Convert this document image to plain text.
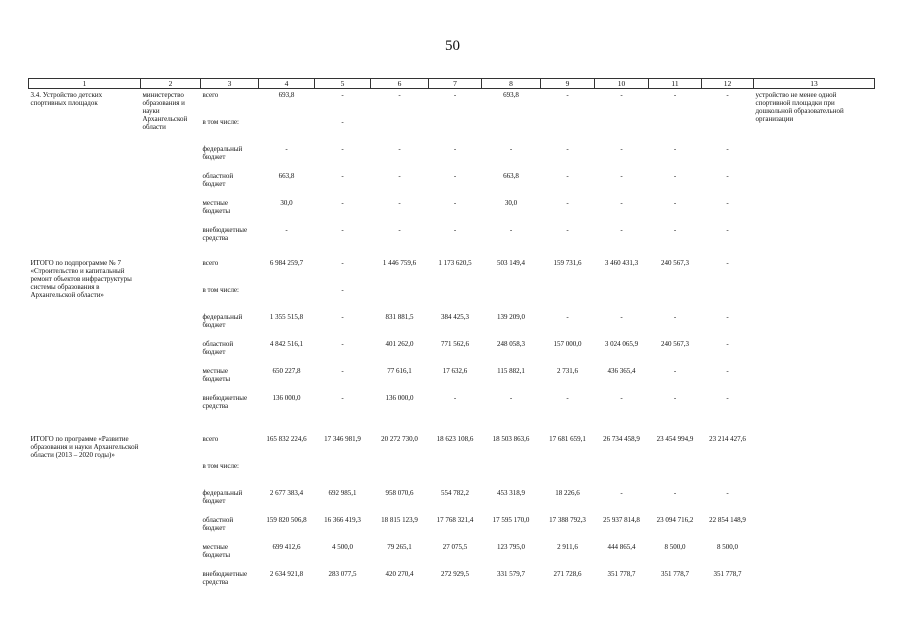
50
1	2	3	4	5	6	7	8	9	10	11	12	13
3.4. Устройство детских спортивных площадок	министерство образования и науки Архангельской области	всего	693,8	-	-	-	693,8	-	-	-	-	устройство не менее одной спортивной площадки при дошкольной образовательной организации
		в том числе:		-								
		федеральный бюджет	-	-	-	-	-	-	-	-	-	
		областной бюджет	663,8	-	-	-	663,8	-	-	-	-	
		местные бюджеты	30,0	-	-	-	30,0	-	-	-	-	
		внебюджетные средства	-	-	-	-	-	-	-	-	-	

ИТОГО по подпрограмме № 7 «Строительство и капитальный ремонт объектов инфраструктуры системы образования в Архангельской области»		всего	6 984 259,7	-	1 446 759,6	1 173 620,5	503 149,4	159 731,6	3 460 431,3	240 567,3	-	
		в том числе:		-								
		федеральный бюджет	1 355 515,8	-	831 881,5	384 425,3	139 209,0	-	-	-	-	
		областной бюджет	4 842 516,1	-	401 262,0	771 562,6	248 058,3	157 000,0	3 024 065,9	240 567,3	-	
		местные бюджеты	650 227,8	-	77 616,1	17 632,6	115 882,1	2 731,6	436 365,4	-	-	
		внебюджетные средства	136 000,0	-	136 000,0	-	-	-	-	-	-	

ИТОГО по программе «Развитие образования и науки Архангельской области (2013 – 2020 годы)»		всего	165 832 224,6	17 346 981,9	20 272 730,0	18 623 108,6	18 503 863,6	17 681 659,1	26 734 458,9	23 454 994,9	23 214 427,6	
		в том числе:										
		федеральный бюджет	2 677 383,4	692 985,1	958 070,6	554 782,2	453 318,9	18 226,6	-	-	-	
		областной бюджет	159 820 506,8	16 366 419,3	18 815 123,9	17 768 321,4	17 595 170,0	17 388 792,3	25 937 814,8	23 094 716,2	22 854 148,9	
		местные бюджеты	699 412,6	4 500,0	79 265,1	27 075,5	123 795,0	2 911,6	444 865,4	8 500,0	8 500,0	
		внебюджетные средства	2 634 921,8	283 077,5	420 270,4	272 929,5	331 579,7	271 728,6	351 778,7	351 778,7	351 778,7	
